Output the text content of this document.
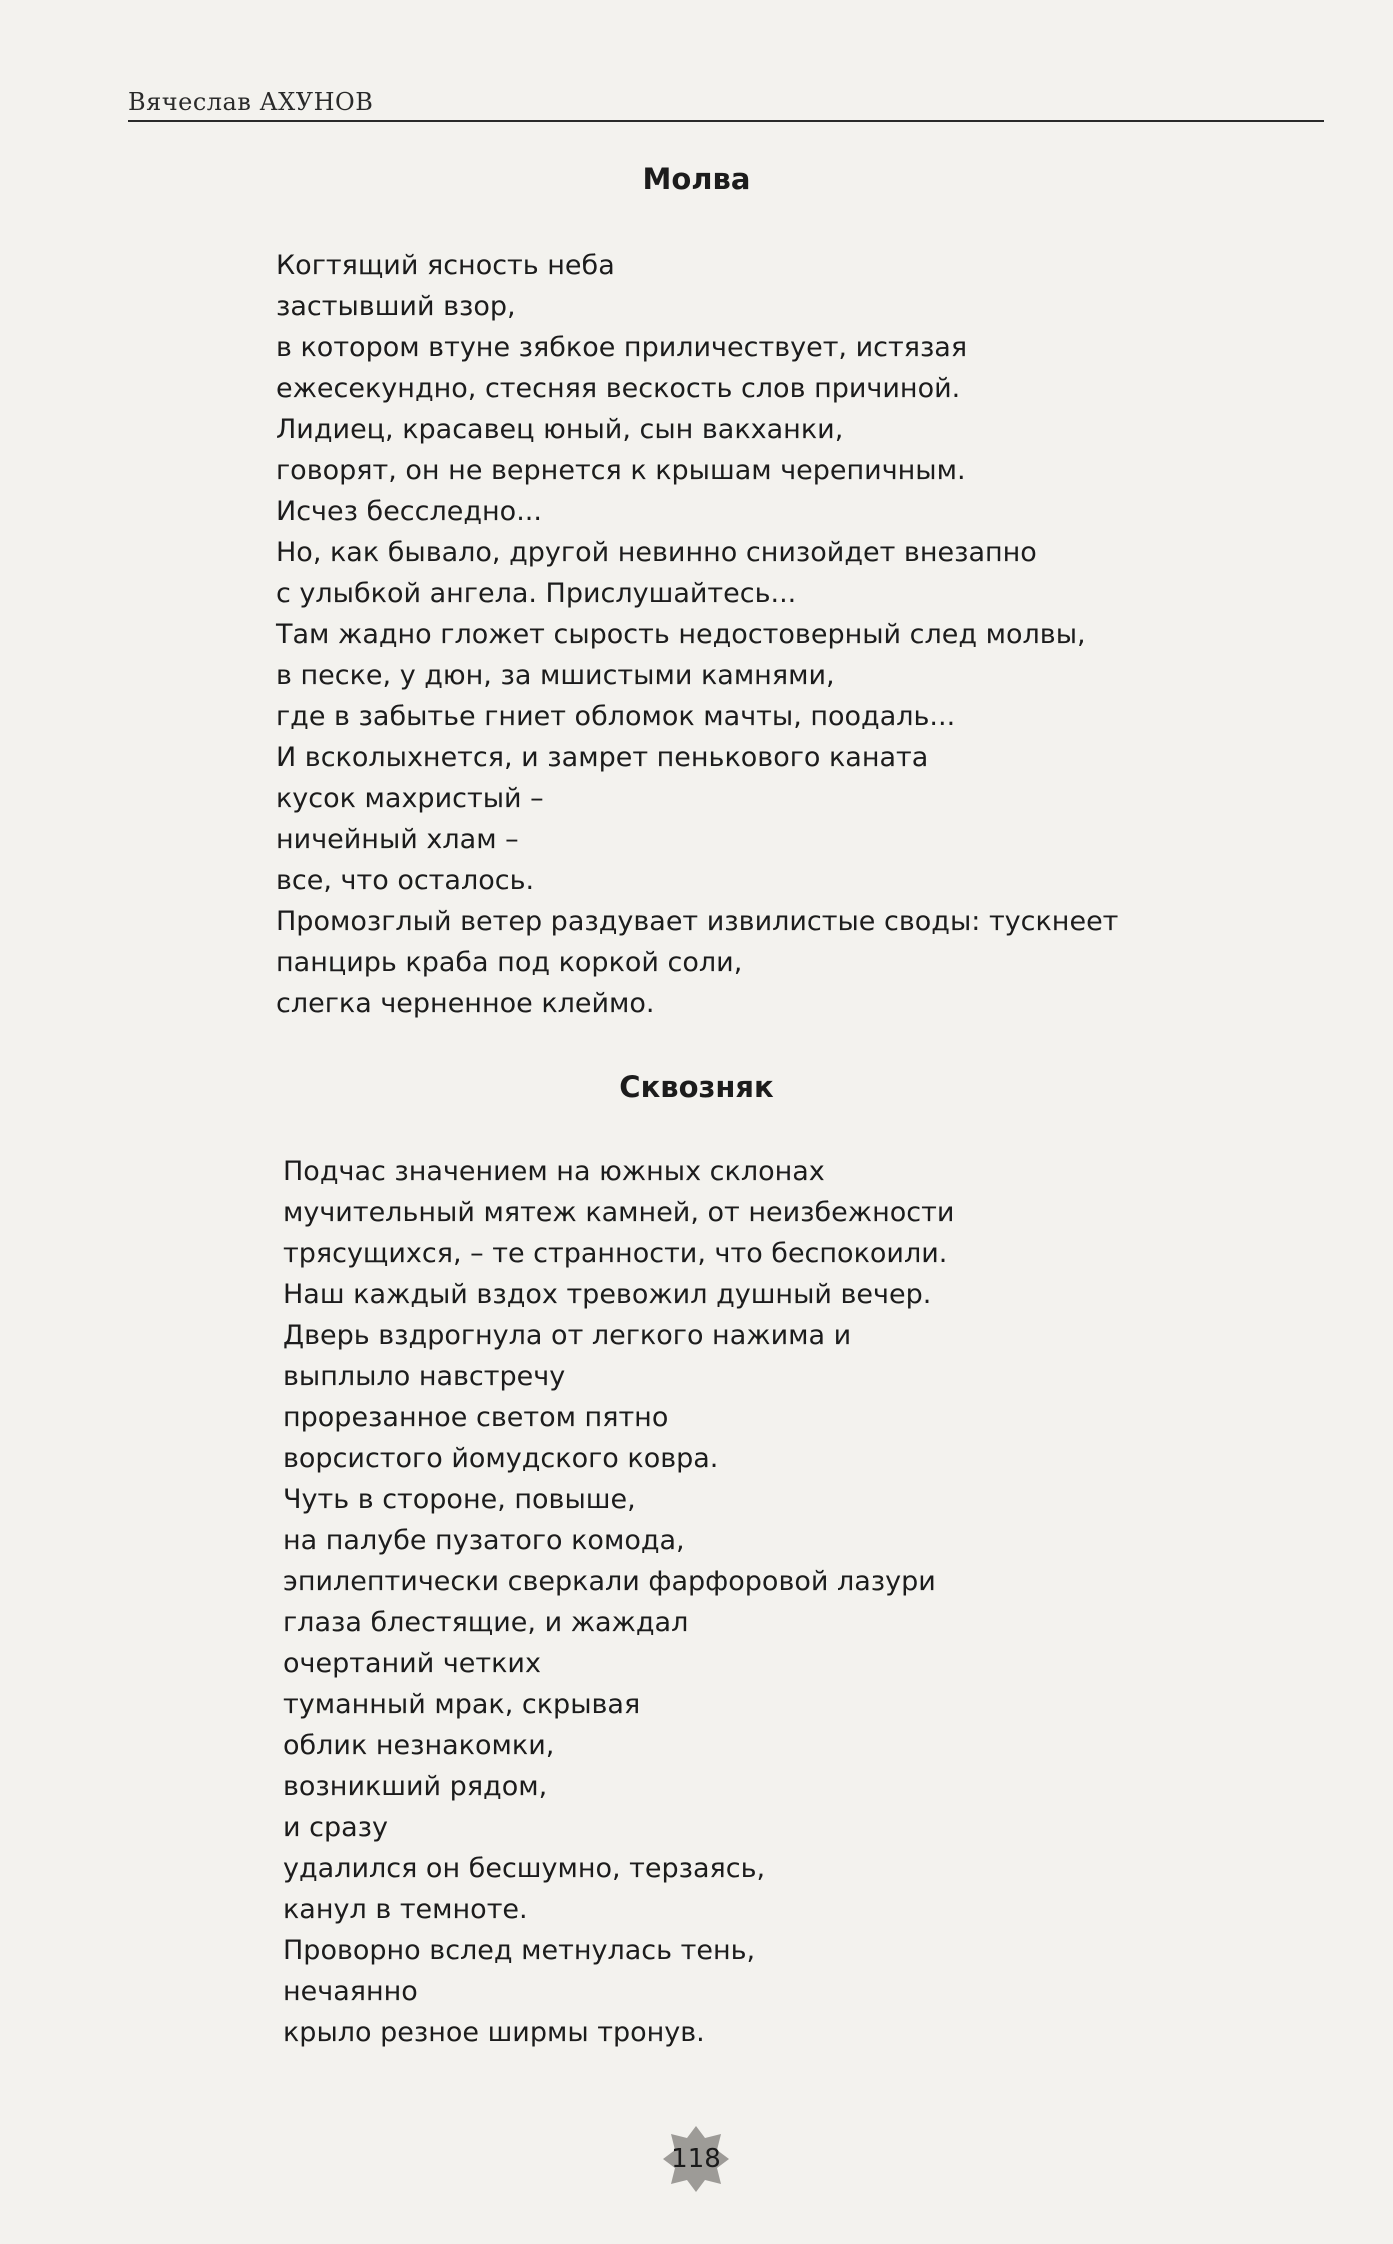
Вячеслав АХУНОВ
Молва
Когтящий ясность неба
застывший взор,
в котором втуне зябкое приличествует, истязая
ежесекундно, стесняя вескость слов причиной.
Лидиец, красавец юный, сын вакханки,
говорят, он не вернется к крышам черепичным.
Исчез бесследно...
Но, как бывало, другой невинно снизойдет внезапно
с улыбкой ангела. Прислушайтесь...
Там жадно гложет сырость недостоверный след молвы,
в песке, у дюн, за мшистыми камнями,
где в забытье гниет обломок мачты, поодаль...
И всколыхнется, и замрет пенькового каната
кусок махристый –
ничейный хлам –
все, что осталось.
Промозглый ветер раздувает извилистые своды: тускнеет
панцирь краба под коркой соли,
слегка черненное клеймо.
Сквозняк
Подчас значением на южных склонах
мучительный мятеж камней, от неизбежности
трясущихся, – те странности, что беспокоили.
Наш каждый вздох тревожил душный вечер.
Дверь вздрогнула от легкого нажима и
выплыло навстречу
прорезанное светом пятно
ворсистого йомудского ковра.
Чуть в стороне, повыше,
на палубе пузатого комода,
эпилептически сверкали фарфоровой лазури
глаза блестящие, и жаждал
очертаний четких
туманный мрак, скрывая
облик незнакомки,
возникший рядом,
и сразу
удалился он бесшумно, терзаясь,
канул в темноте.
Проворно вслед метнулась тень,
нечаянно
крыло резное ширмы тронув.
118
